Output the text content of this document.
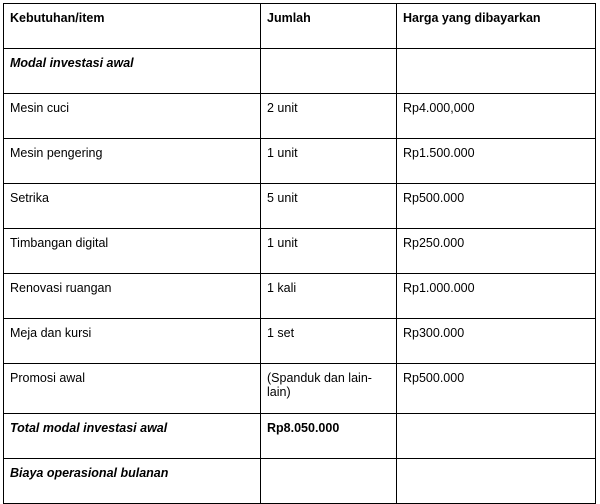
Kebutuhan/item	Jumlah	Harga yang dibayarkan
Modal investasi awal		
Mesin cuci	2 unit	Rp4.000,000
Mesin pengering	1 unit	Rp1.500.000
Setrika	5 unit	Rp500.000
Timbangan digital	1 unit	Rp250.000
Renovasi ruangan	1 kali	Rp1.000.000
Meja dan kursi	1 set	Rp300.000
Promosi awal	(Spanduk dan lain-lain)	Rp500.000
Total modal investasi awal	Rp8.050.000	
Biaya operasional bulanan		
